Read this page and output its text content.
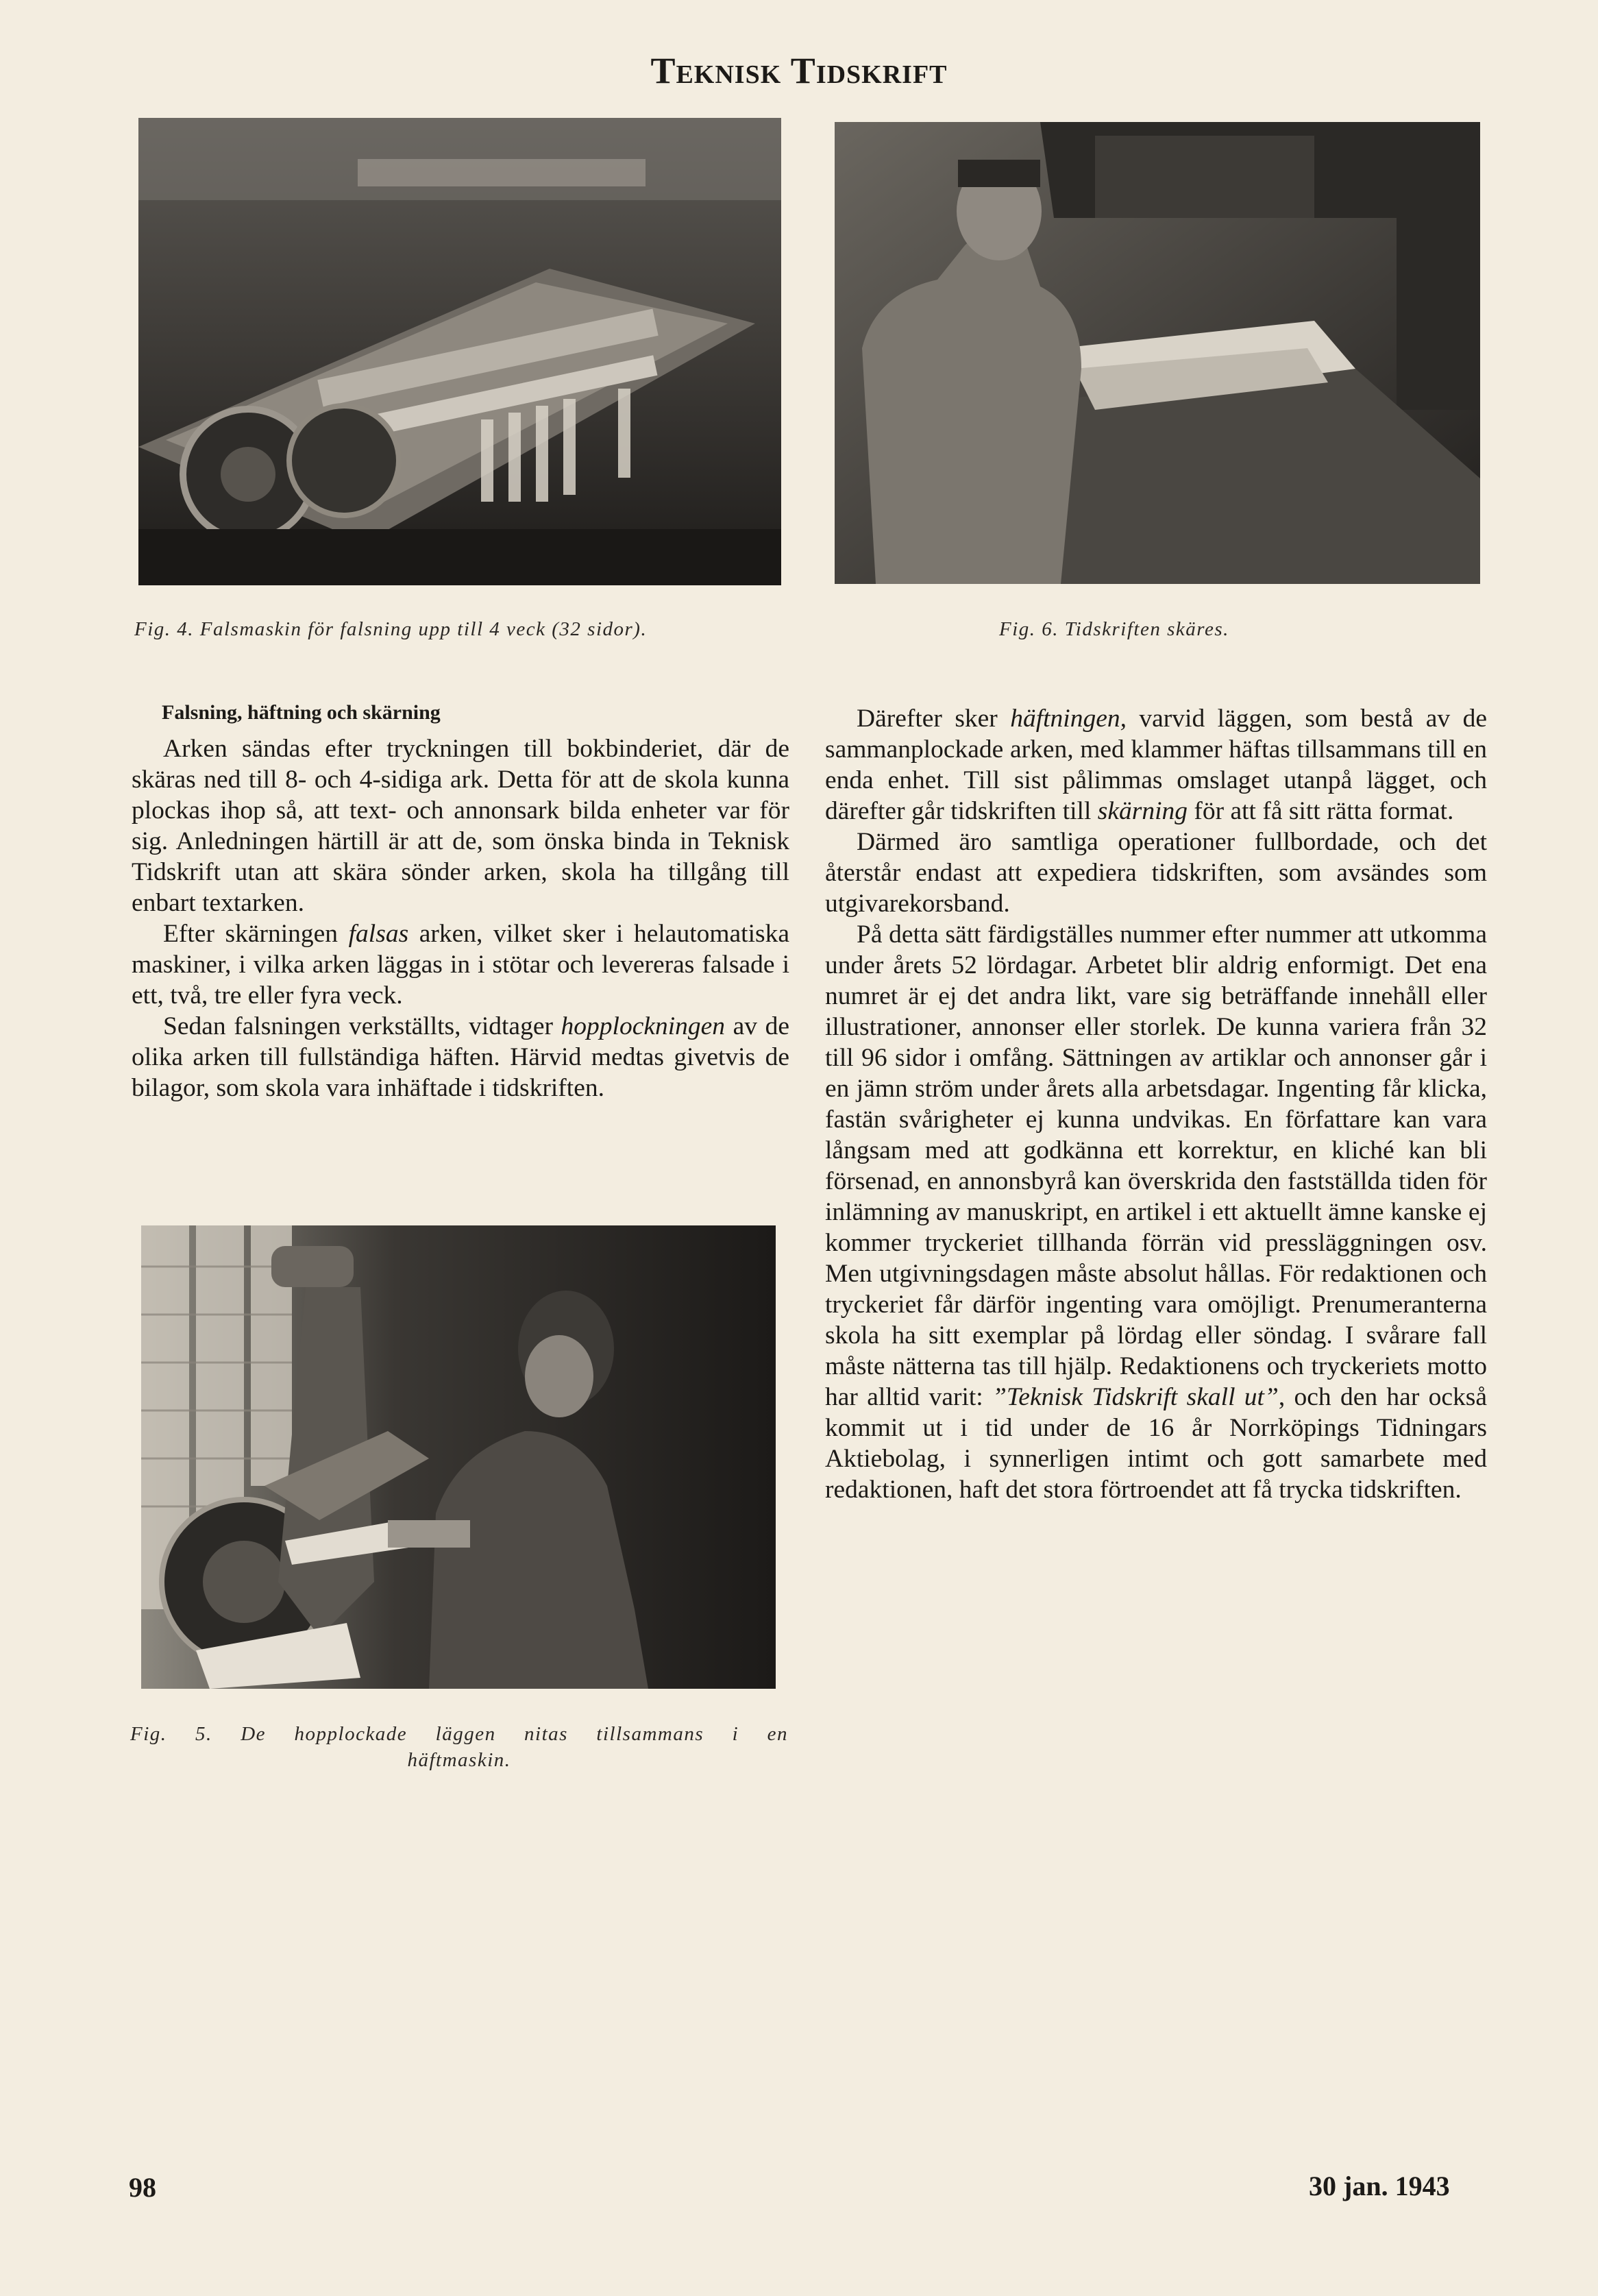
Teknisk Tidskrift
Fig. 4. Falsmaskin för falsning upp till 4 veck (32 sidor).	Fig. 6. Tidskriften skäres.
Falsning, häftning och skärning

Arken sändas efter tryckningen till bokbinderiet, där de skäras ned till 8- och 4-sidiga ark. Detta för att de skola kunna plockas ihop så, att text- och annonsark bilda enheter var för sig. Anledningen härtill är att de, som önska binda in Teknisk Tidskrift utan att skära sönder arken, skola ha tillgång till enbart textarken.

Efter skärningen falsas arken, vilket sker i helautomatiska maskiner, i vilka arken läggas in i stötar och levereras falsade i ett, två, tre eller fyra veck.

Sedan falsningen verkställts, vidtager hopplockningen av de olika arken till fullständiga häften. Härvid medtas givetvis de bilagor, som skola vara inhäftade i tidskriften.

Fig. 5. De hopplockade läggen nitas tillsammans i en
häftmaskin.

Därefter sker häftningen, varvid läggen, som bestå av de sammanplockade arken, med klammer häftas tillsammans till en enda enhet. Till sist pålimmas omslaget utanpå lägget, och därefter går tidskriften till skärning för att få sitt rätta format.

Därmed äro samtliga operationer fullbordade, och det återstår endast att expediera tidskriften, som avsändes som utgivarekorsband.

På detta sätt färdigställes nummer efter nummer att utkomma under årets 52 lördagar. Arbetet blir aldrig enformigt. Det ena numret är ej det andra likt, vare sig beträffande innehåll eller illustrationer, annonser eller storlek. De kunna variera från 32 till 96 sidor i omfång. Sättningen av artiklar och annonser går i en jämn ström under årets alla arbetsdagar. Ingenting får klicka, fastän svårigheter ej kunna undvikas. En författare kan vara långsam med att godkänna ett korrektur, en kliché kan bli försenad, en annonsbyrå kan överskrida den fastställda tiden för inlämning av manuskript, en artikel i ett aktuellt ämne kanske ej kommer tryckeriet tillhanda förrän vid pressläggningen osv. Men utgivningsdagen måste absolut hållas. För redaktionen och tryckeriet får därför ingenting vara omöjligt. Prenumeranterna skola ha sitt exemplar på lördag eller söndag. I svårare fall måste nätterna tas till hjälp. Redaktionens och tryckeriets motto har alltid varit: ”Teknisk Tidskrift skall ut”, och den har också kommit ut i tid under de 16 år Norrköpings Tidningars Aktiebolag, i synnerligen intimt och gott samarbete med redaktionen, haft det stora förtroendet att få trycka tidskriften.

98	30 jan. 1943
